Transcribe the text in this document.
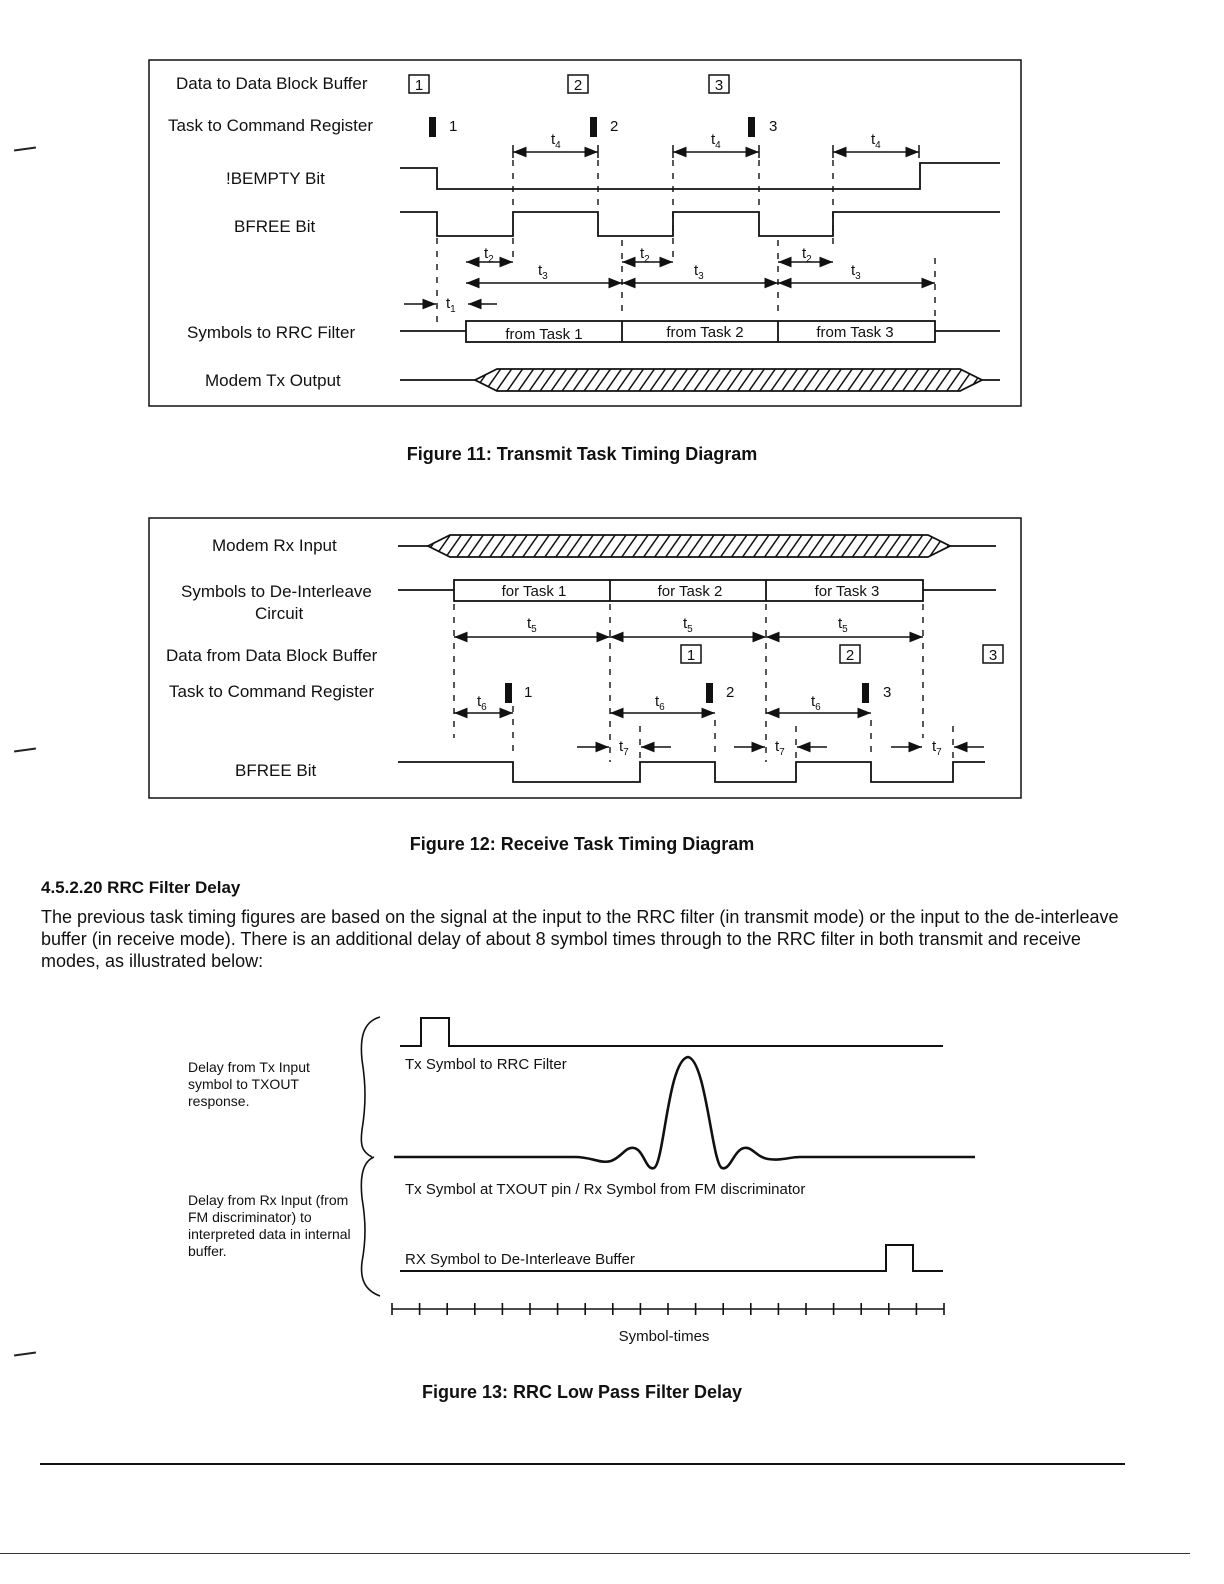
Data to Data Block Buffer
Task to Command Register
!BEMPTY Bit
BFREE Bit
Symbols to RRC Filter
Modem Tx Output
1	2	3
1	2	3
$t_4$	$t_4$	$t_4$
$t_2$	$t_2$	$t_2$
$t_3$	$t_3$	$t_3$
$t_1$
from Task 1	from Task 2	from Task 3
Figure 11: Transmit Task Timing Diagram
Modem Rx Input
Symbols to De-Interleave
Circuit
Data from Data Block Buffer
Task to Command Register
BFREE Bit
for Task 1	for Task 2	for Task 3
$t_5$	$t_5$	$t_5$
1	2	3
1	2	3
$t_6$	$t_6$	$t_6$
$t_7$	$t_7$	$t_7$
Figure 12: Receive Task Timing Diagram
4.5.2.20 RRC Filter Delay

The previous task timing figures are based on the signal at the input to the RRC filter (in transmit mode) or the input to the de-interleave buffer (in receive mode). There is an additional delay of about 8 symbol times through to the RRC filter in both transmit and receive modes, as illustrated below:

Delay from Tx Input symbol to TXOUT response.

Delay from Rx Input (from FM discriminator) to interpreted data in internal buffer.

Tx Symbol to RRC Filter
Tx Symbol at TXOUT pin / Rx Symbol from FM discriminator
RX Symbol to De-Interleave Buffer
Symbol-times
Figure 13: RRC Low Pass Filter Delay
